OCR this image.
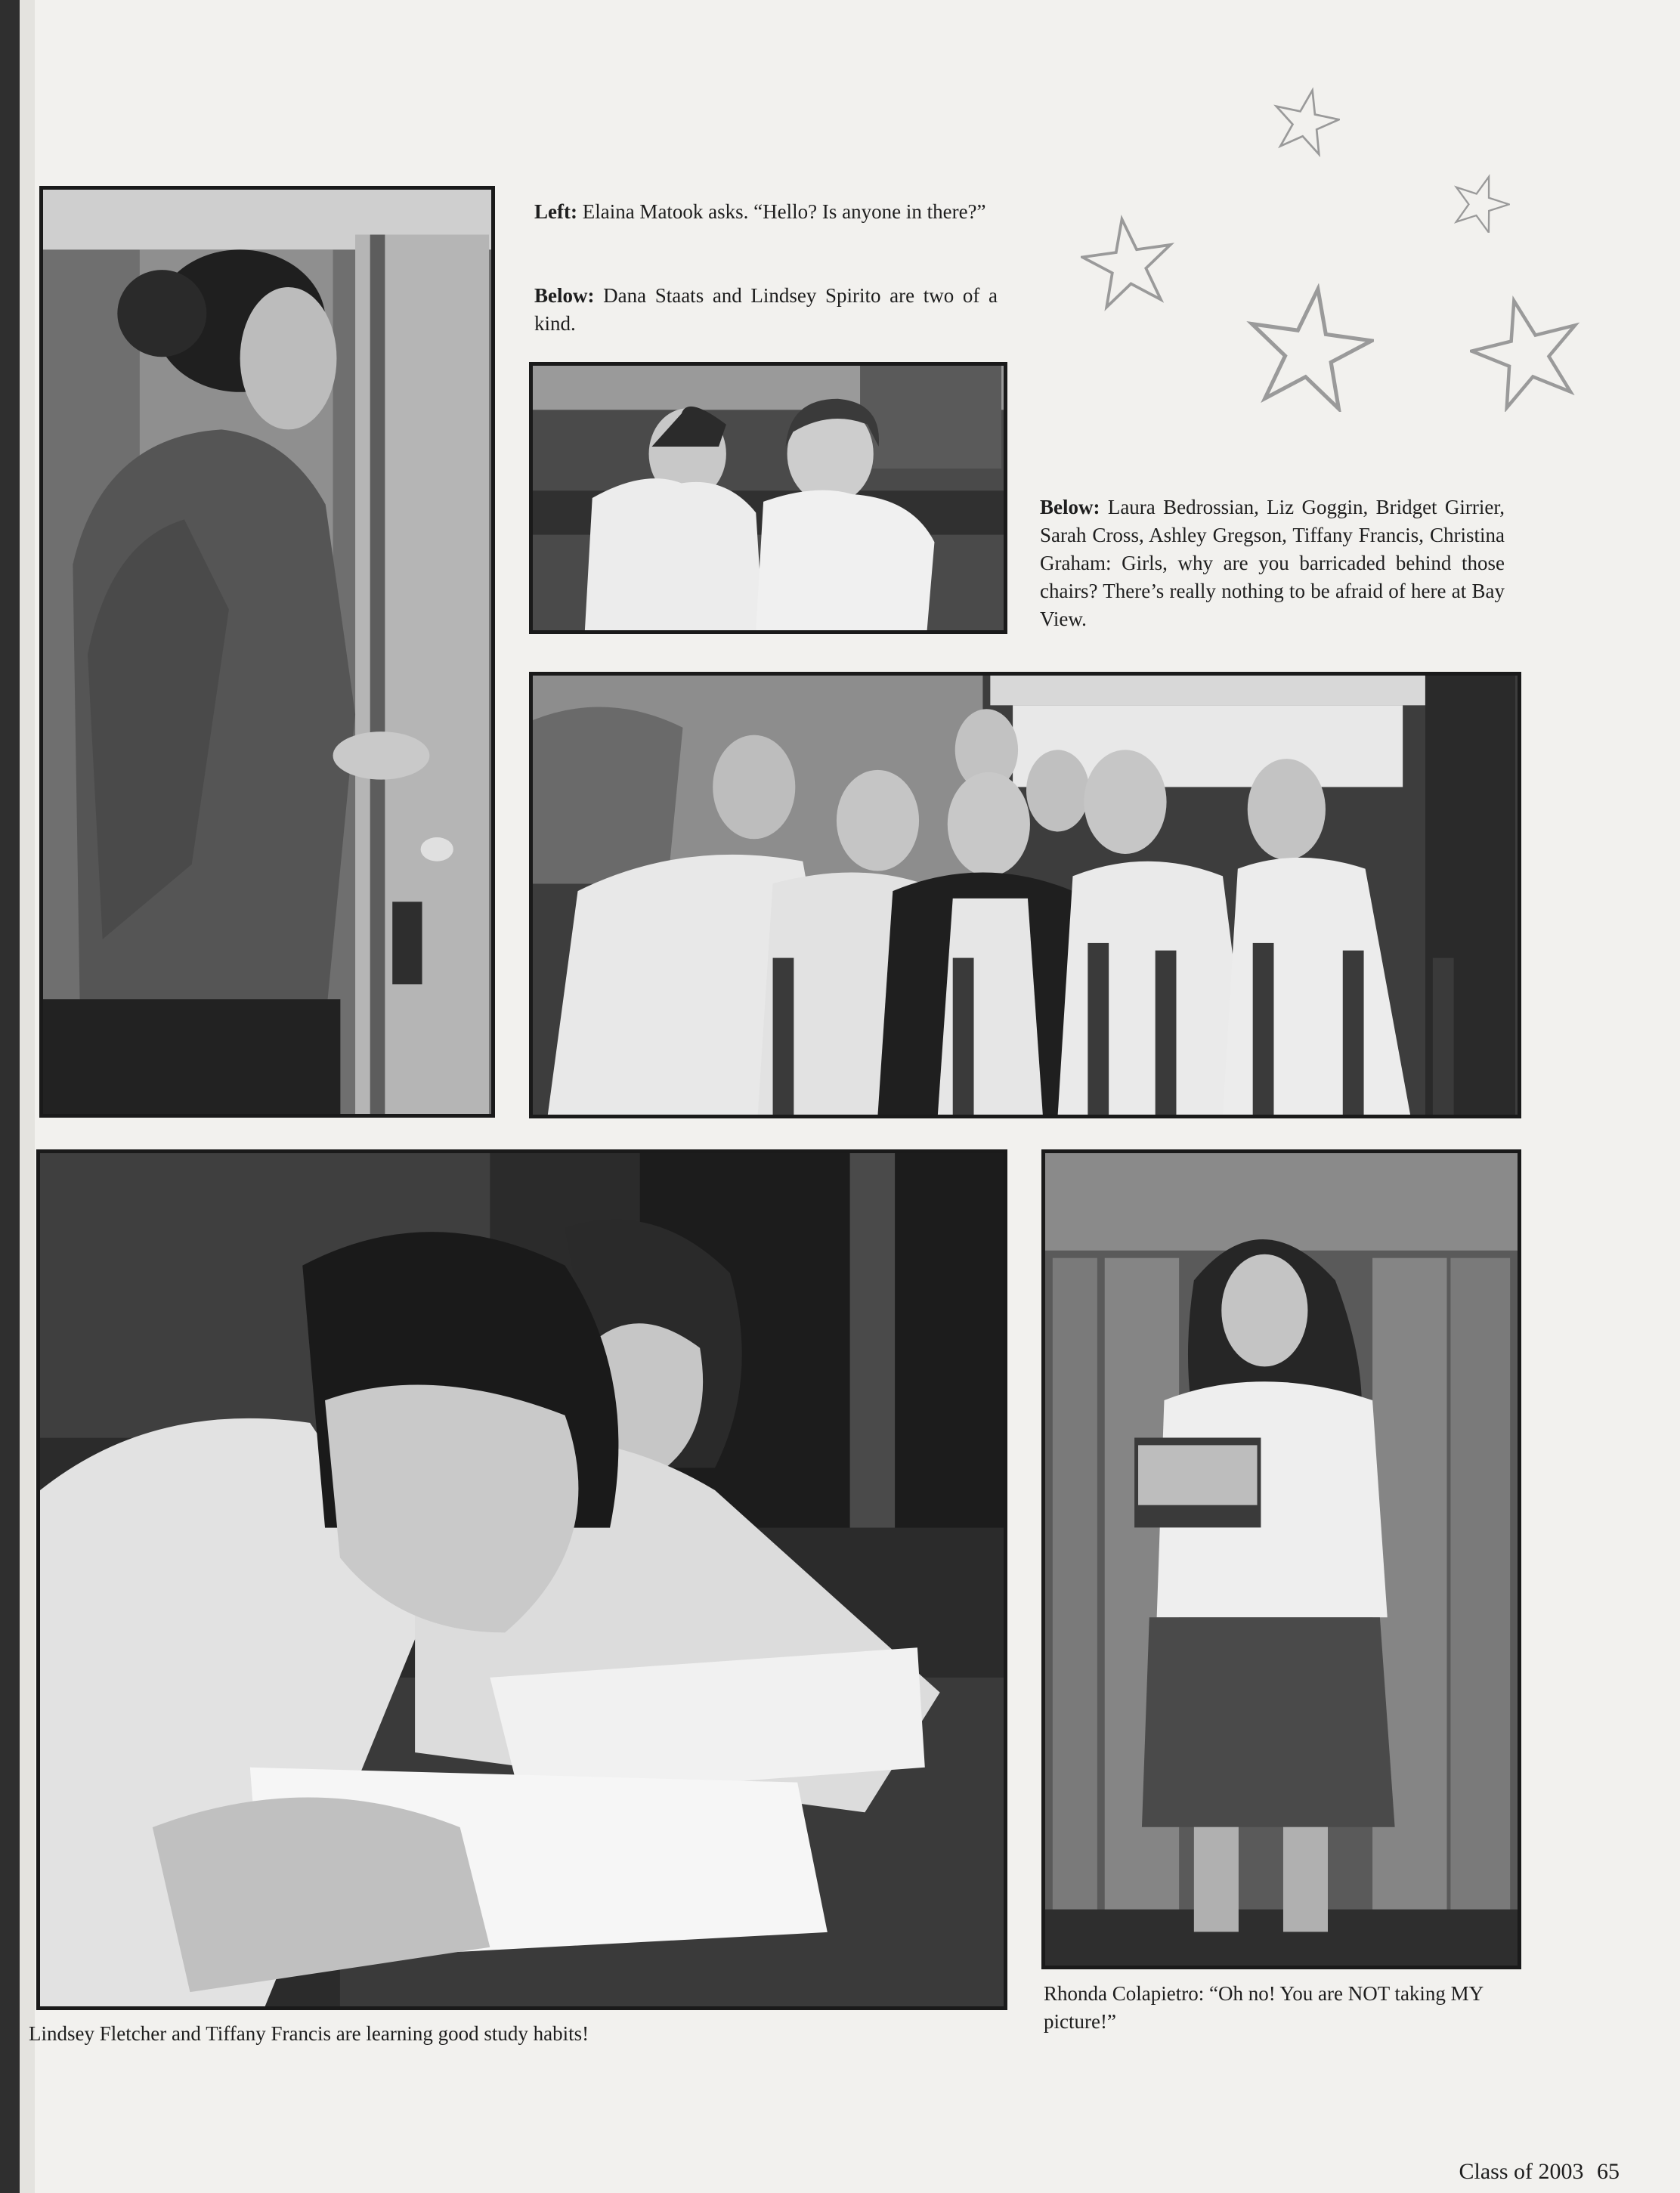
Left: Elaina Matook asks. “Hello? Is anyone in there?”
Below: Dana Staats and Lindsey Spirito are two of a kind.
Below: Laura Bedrossian, Liz Goggin, Bridget Girrier, Sarah Cross, Ashley Gregson, Tiffany Francis, Christina Graham: Girls, why are you barricaded behind those chairs? There’s really nothing to be afraid of here at Bay View.
Lindsey Fletcher and Tiffany Francis are learning good study habits!
Rhonda Colapietro: “Oh no! You are NOT taking MY picture!”
Class of 2003 65
